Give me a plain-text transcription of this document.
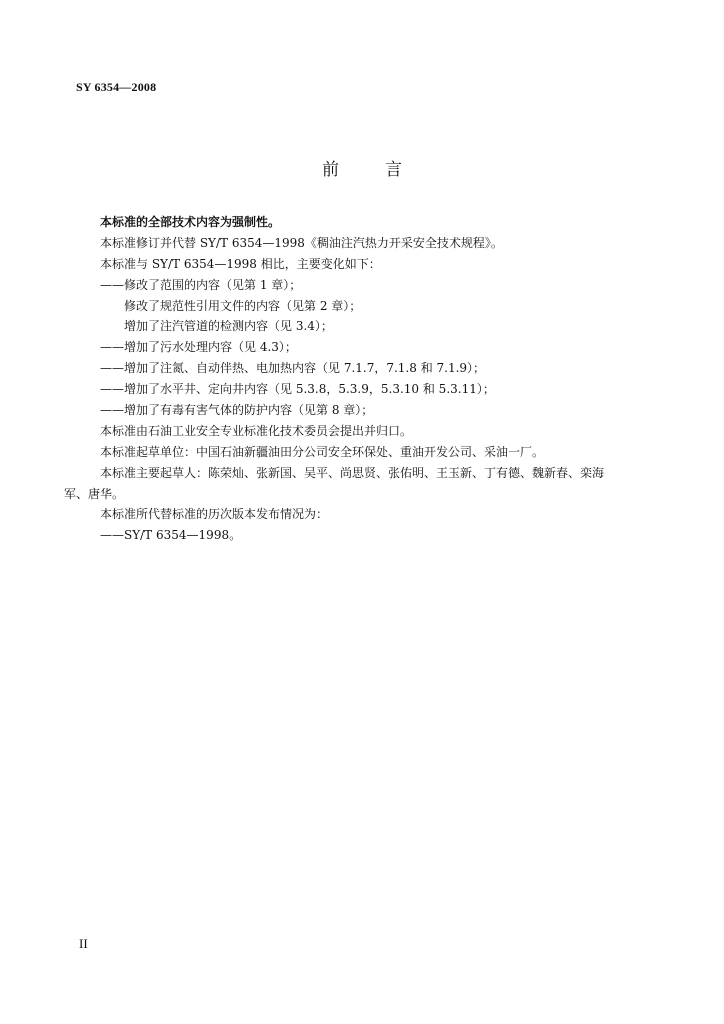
SY 6354—2008
前言
本标准的全部技术内容为强制性。
本标准修订并代替 SY/T 6354—1998《稠油注汽热力开采安全技术规程》。
本标准与 SY/T 6354—1998 相比，主要变化如下：
——修改了范围的内容（见第 1 章）；
修改了规范性引用文件的内容（见第 2 章）；
增加了注汽管道的检测内容（见 3.4）；
——增加了污水处理内容（见 4.3）；
——增加了注氮、自动伴热、电加热内容（见 7.1.7，7.1.8 和 7.1.9）；
——增加了水平井、定向井内容（见 5.3.8，5.3.9，5.3.10 和 5.3.11）；
——增加了有毒有害气体的防护内容（见第 8 章）；
本标准由石油工业安全专业标准化技术委员会提出并归口。
本标准起草单位：中国石油新疆油田分公司安全环保处、重油开发公司、采油一厂。
本标准主要起草人：陈荣灿、张新国、吴平、尚思贤、张佑明、王玉新、丁有德、魏新春、栾海
军、唐华。
本标准所代替标准的历次版本发布情况为：
——SY/T 6354—1998。
II
